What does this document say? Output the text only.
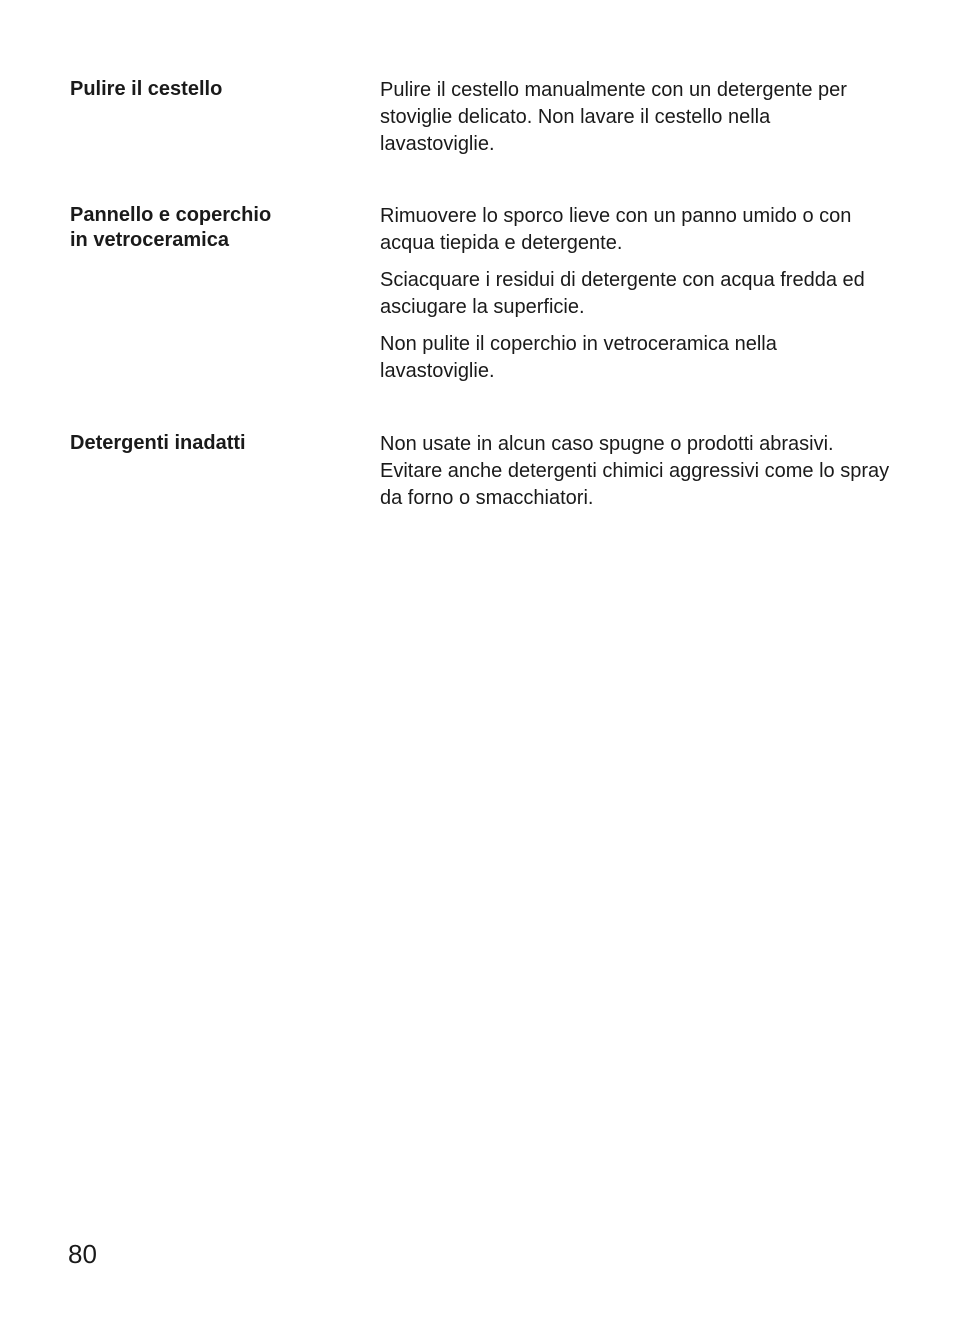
Pulire il cestello	Pulire il cestello manualmente con un detergente per stoviglie delicato. Non lavare il cestello nella lavastoviglie.

Pannello e coperchio
in vetroceramica

Rimuovere lo sporco lieve con un panno umido o con acqua tiepida e detergente.

Sciacquare i residui di detergente con acqua fredda ed asciugare la superficie.

Non pulite il coperchio in vetroceramica nella lavastoviglie.

Detergenti inadatti	Non usate in alcun caso spugne o prodotti abrasivi. Evitare anche detergenti chimici aggressivi come lo spray da forno o smacchiatori.

80
